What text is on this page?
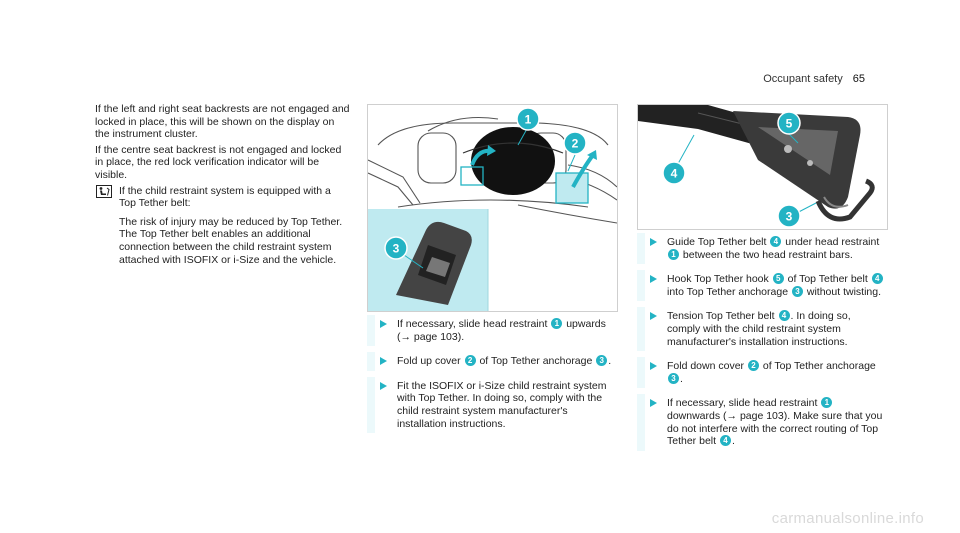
Occupant safety 65

If the left and right seat backrests are not engaged and locked in place, this will be shown on the display on the instrument cluster.

If the centre seat backrest is not engaged and locked in place, the red lock verification indicator will be visible.

If the child restraint system is equipped with a Top Tether belt:

The risk of injury may be reduced by Top Tether. The Top Tether belt enables an additional connection between the child restraint system attached with ISOFIX or i-Size and the vehicle.

1
2
3
4
5
3
If necessary, slide head restraint 1 upwards (→ page 103).
Fold up cover 2 of Top Tether anchorage 3 .
Fit the ISOFIX or i-Size child restraint system with Top Tether. In doing so, comply with the child restraint system manufacturer's installation instructions.
Guide Top Tether belt 4 under head restraint 1 between the two head restraint bars.
Hook Top Tether hook 5 of Top Tether belt 4 into Top Tether anchorage 3 without twisting.
Tension Top Tether belt 4 . In doing so, comply with the child restraint system manufacturer's installation instructions.
Fold down cover 2 of Top Tether anchorage 3 .
If necessary, slide head restraint 1 downwards (→ page 103). Make sure that you do not interfere with the correct routing of Top Tether belt 4 .
carmanualsonline.info
